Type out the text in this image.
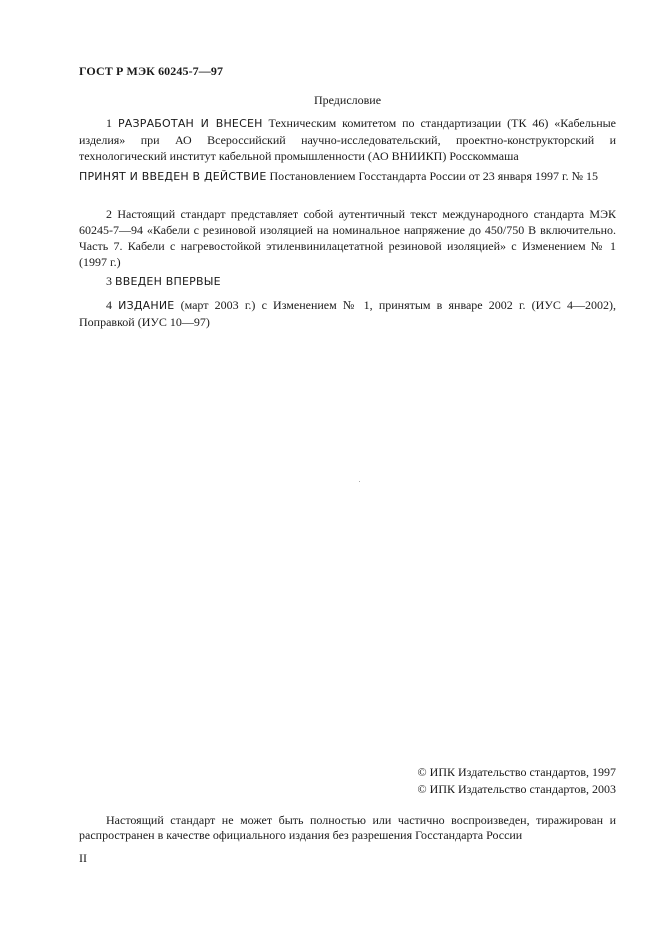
ГОСТ Р МЭК 60245-7—97
Предисловие
1 РАЗРАБОТАН И ВНЕСЕН Техническим комитетом по стандартизации (ТК 46) «Кабельные изделия» при АО Всероссийский научно-исследовательский, проектно-конструкторский и технологический институт кабельной промышленности (АО ВНИИКП) Росскоммаша
ПРИНЯТ И ВВЕДЕН В ДЕЙСТВИЕ Постановлением Госстандарта России от 23 января 1997 г. № 15
2 Настоящий стандарт представляет собой аутентичный текст международного стандарта МЭК 60245-7—94 «Кабели с резиновой изоляцией на номинальное напряжение до 450/750 В включительно. Часть 7. Кабели с нагревостойкой этиленвинилацетатной резиновой изоляцией» с Изменением № 1 (1997 г.)
3 ВВЕДЕН ВПЕРВЫЕ
4 ИЗДАНИЕ (март 2003 г.) с Изменением № 1, принятым в январе 2002 г. (ИУС 4—2002), Поправкой (ИУС 10—97)
© ИПК Издательство стандартов, 1997
© ИПК Издательство стандартов, 2003
Настоящий стандарт не может быть полностью или частично воспроизведен, тиражирован и распространен в качестве официального издания без разрешения Госстандарта России
II
